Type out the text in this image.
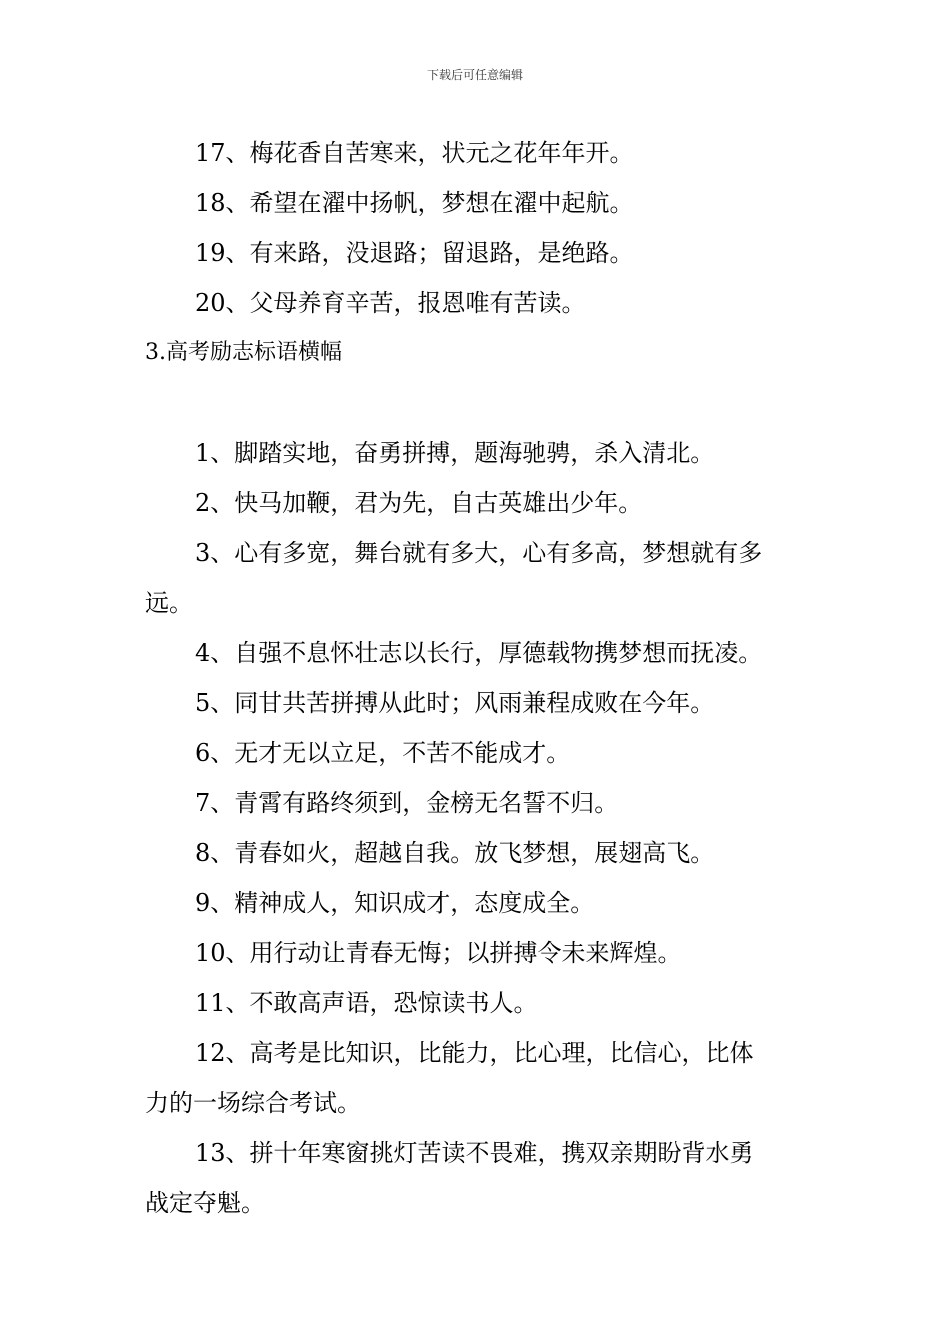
下载后可任意编辑
17、梅花香自苦寒来，状元之花年年开。
18、希望在濯中扬帆，梦想在濯中起航。
19、有来路，没退路；留退路，是绝路。
20、父母养育辛苦，报恩唯有苦读。
3.高考励志标语横幅
1、脚踏实地，奋勇拼搏，题海驰骋，杀入清北。
2、快马加鞭，君为先，自古英雄出少年。
3、心有多宽，舞台就有多大，心有多高，梦想就有多
远。
4、自强不息怀壮志以长行，厚德载物携梦想而抚凌。
5、同甘共苦拼搏从此时；风雨兼程成败在今年。
6、无才无以立足，不苦不能成才。
7、青霄有路终须到，金榜无名誓不归。
8、青春如火，超越自我。放飞梦想，展翅高飞。
9、精神成人，知识成才，态度成全。
10、用行动让青春无悔；以拼搏令未来辉煌。
11、不敢高声语，恐惊读书人。
12、高考是比知识，比能力，比心理，比信心，比体
力的一场综合考试。
13、拼十年寒窗挑灯苦读不畏难，携双亲期盼背水勇
战定夺魁。
